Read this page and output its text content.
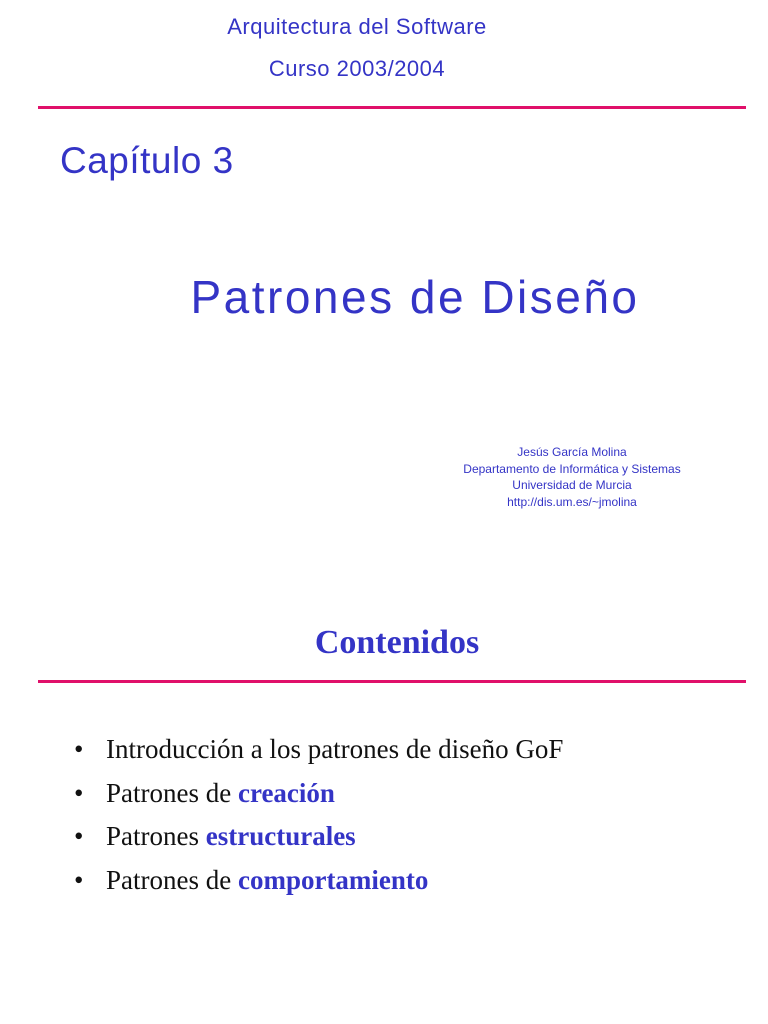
Arquitectura del Software
Curso 2003/2004
Capítulo 3
Patrones de Diseño
Jesús García Molina
Departamento de Informática y Sistemas
Universidad de Murcia
http://dis.um.es/~jmolina
Contenidos
• Introducción a los patrones de diseño GoF
• Patrones de creación
• Patrones estructurales
• Patrones de comportamiento
